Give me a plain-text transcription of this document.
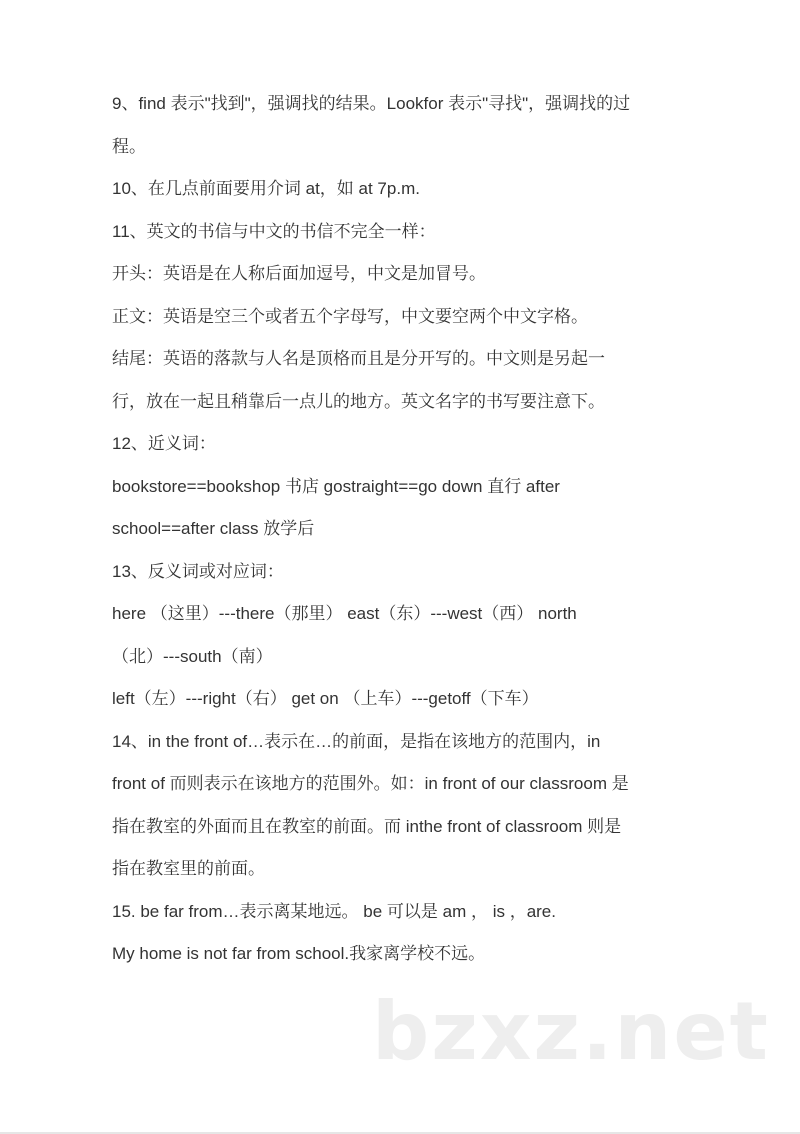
9、find 表示"找到"，强调找的结果。Lookfor 表示"寻找"，强调找的过
程。
10、在几点前面要用介词 at，如 at 7p.m.
11、英文的书信与中文的书信不完全一样：
开头：英语是在人称后面加逗号，中文是加冒号。
正文：英语是空三个或者五个字母写，中文要空两个中文字格。
结尾：英语的落款与人名是顶格而且是分开写的。中文则是另起一
行，放在一起且稍靠后一点儿的地方。英文名字的书写要注意下。
12、近义词：
bookstore==bookshop 书店 gostraight==go down 直行 after
school==after class 放学后
13、反义词或对应词：
here （这里）---there（那里） east（东）---west（西） north
（北）---south（南）
left（左）---right（右） get on （上车）---getoff（下车）
14、in the front of…表示在…的前面，是指在该地方的范围内，in
front of 而则表示在该地方的范围外。如：in front of our classroom 是
指在教室的外面而且在教室的前面。而 inthe front of classroom 则是
指在教室里的前面。
15. be far from…表示离某地远。 be 可以是 am ， is ，are.
My home is not far from school.我家离学校不远。
bzxz.net
